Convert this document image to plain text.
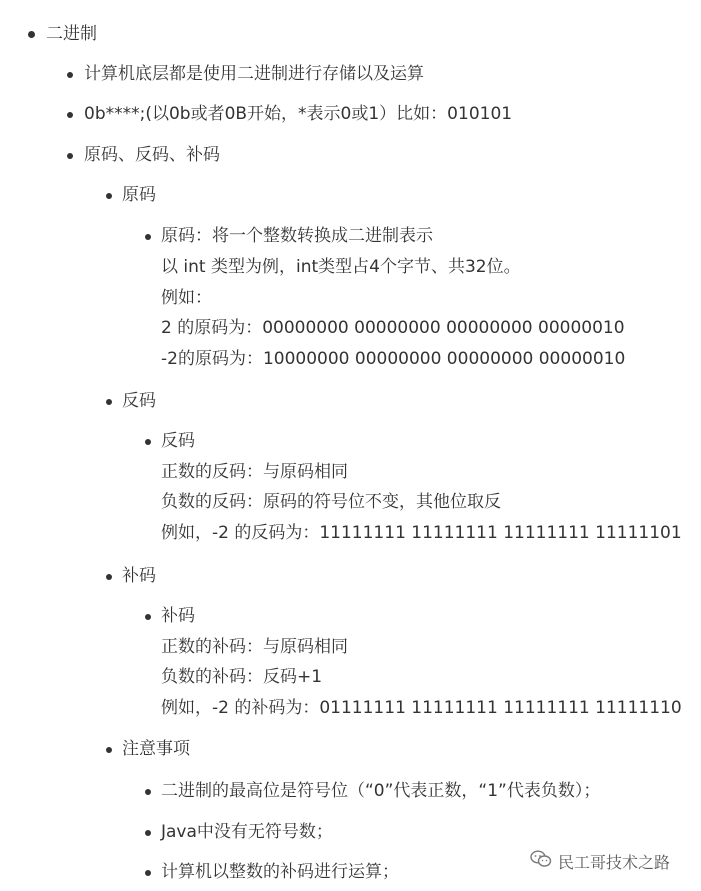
二进制
计算机底层都是使用二进制进行存储以及运算
0b****;(以0b或者0B开始，*表示0或1）比如：010101
原码、反码、补码
原码
原码：将一个整数转换成二进制表示
以 int 类型为例，int类型占4个字节、共32位。
例如：
2 的原码为：00000000 00000000 00000000 00000010
-2的原码为：10000000 00000000 00000000 00000010
反码
反码
正数的反码：与原码相同
负数的反码：原码的符号位不变，其他位取反
例如，-2 的反码为：11111111 11111111 11111111 11111101
补码
补码
正数的补码：与原码相同
负数的补码：反码+1
例如，-2 的补码为：01111111 11111111 11111111 11111110
注意事项
二进制的最高位是符号位（“0”代表正数，“1”代表负数）；
Java中没有无符号数；
计算机以整数的补码进行运算；	民工哥技术之路
